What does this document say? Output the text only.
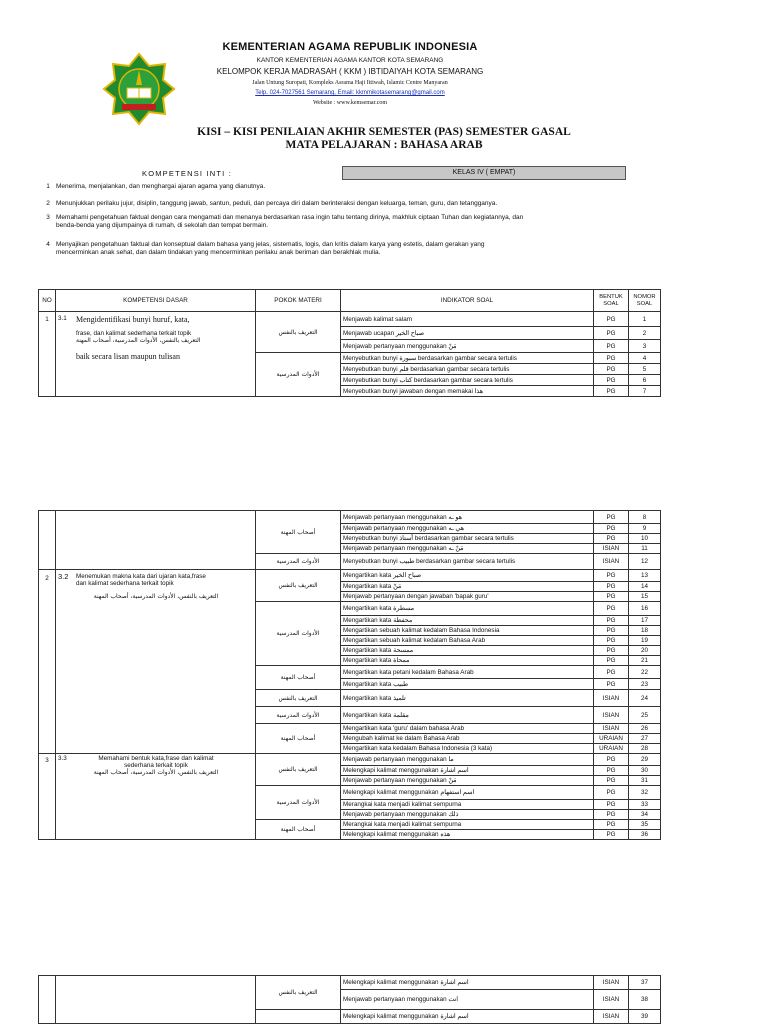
KEMENTERIAN AGAMA REPUBLIK INDONESIA
KANTOR KEMENTERIAN AGAMA KANTOR KOTA SEMARANG
KELOMPOK KERJA MADRASAH ( KKM ) IBTIDAIYAH KOTA SEMARANG
Jalan Untung Suropati, Kompleks Asrama Haji Ittiwah, Islamic Centre Manyaran
Telp. 024-7027561 Semarang, Email: kkmmikotasemarang@gmail.com
Website : www.kemsemar.com
KISI – KISI PENILAIAN AKHIR SEMESTER (PAS) SEMESTER GASAL
MATA PELAJARAN : BAHASA ARAB
KOMPETENSI INTI :	KELAS IV ( EMPAT)
1 Menerima, menjalankan, dan menghargai ajaran agama yang dianutnya.
2 Menunjukkan perilaku jujur, disiplin, tanggung jawab, santun, peduli, dan percaya diri dalam berinteraksi dengan keluarga, teman, guru, dan tetangganya.
3 Memahami pengetahuan faktual dengan cara mengamati dan menanya berdasarkan rasa ingin tahu tentang dirinya, makhluk ciptaan Tuhan dan kegiatannya, dan
benda-benda yang dijumpainya di rumah, di sekolah dan tempat bermain.
4 Menyajikan pengetahuan faktual dan konseptual dalam bahasa yang jelas, sistematis, logis, dan kritis dalam karya yang estetis, dalam gerakan yang
mencerminkan anak sehat, dan dalam tindakan yang mencerminkan perilaku anak beriman dan berakhlak mulia.
NO	KOMPETENSI DASAR	POKOK MATERI	INDIKATOR SOAL	BENTUK SOAL	NOMOR SOAL
1	3.1 Mengidentifikasi bunyi huruf, kata,
frase, dan kalimat sederhana terkait topik
التعريف بالنفس، الأدوات المدرسية، أصحاب المهنة
baik secara lisan maupun tulisan	التعريف بالنفس	Menjawab kalimat salam	PG	1
			Menjawab ucapan صباح الخير	PG	2
			Menjawab pertanyaan menggunakan مَنْ	PG	3
		الأدوات المدرسية	Menyebutkan bunyi سبورة berdasarkan gambar secara tertulis	PG	4
			Menyebutkan bunyi قلم berdasarkan gambar secara tertulis	PG	5
			Menyebutkan bunyi كتاب berdasarkan gambar secara tertulis	PG	6
			Menyebutkan bunyi jawaban dengan memakai هذا	PG	7
		أصحاب المهنة	Menjawab pertanyaan menggunakan هو ـه	PG	8
			Menjawab pertanyaan menggunakan هي ـه	PG	9
			Menyebutkan bunyi أستاذ berdasarkan gambar secara tertulis	PG	10
			Menjawab pertanyaan menggunakan مَنْ ـه	ISIAN	11
		الأدوات المدرسية	Menyebutkan bunyi طبيب berdasarkan gambar secara tertulis	ISIAN	12
2	3.2 Menemukan makna kata dari ujaran kata,frase
dan kalimat sederhana terkait topik
التعريف بالنفس، الأدوات المدرسية، أصحاب المهنة	التعريف بالنفس	Mengartikan kata صباح الخير	PG	13
			Mengartikan kata مَنْ	PG	14
			Menjawab pertanyaan dengan jawaban 'bapak guru'	PG	15
		الأدوات المدرسية	Mengartikan kata مسطرة	PG	16
			Mengartikan kata محفظة	PG	17
			Mengartikan sebuah kalimat kedalam Bahasa Indonesia	PG	18
			Mengartikan sebuah kalimat kedalam Bahasa Arab	PG	19
			Mengartikan kata ممسحة	PG	20
			Mengartikan kata ممحاة	PG	21
		أصحاب المهنة	Mengartikan kata petani kedalam Bahasa Arab	PG	22
			Mengartikan kata طبيب	PG	23
		التعريف بالنفس	Mengartikan kata تلميذ	ISIAN	24
		الأدوات المدرسية	Mengartikan kata مقلمة	ISIAN	25
		أصحاب المهنة	Mengartikan kata 'guru' dalam bahasa Arab	ISIAN	26
			Mengubah kalimat ke dalam Bahasa Arab	URAIAN	27
			Mengartikan kata kedalam Bahasa Indonesia (3 kata)	URAIAN	28
3	3.3 Memahami bentuk kata,frase dan kalimat
sederhana terkait topik
التعريف بالنفس، الأدوات المدرسية، أصحاب المهنة	التعريف بالنفس	Menjawab pertanyaan menggunakan ما	PG	29
			Melengkapi kalimat menggunakan اسم اشارة	PG	30
			Menjawab pertanyaan menggunakan مَنْ	PG	31
		الأدوات المدرسية	Melengkapi kalimat menggunakan اسم استفهام	PG	32
			Merangkai kata menjadi kalimat sempurna	PG	33
			Menjawab pertanyaan menggunakan ذلك	PG	34
		أصحاب المهنة	Merangkai kata menjadi kalimat sempurna	PG	35
			Melengkapi kalimat menggunakan هذه	PG	36
		التعريف بالنفس	Melengkapi kalimat menggunakan اسم اشارة	ISIAN	37
			Menjawab pertanyaan menggunakan انت	ISIAN	38
			Melengkapi kalimat menggunakan اسم اشارة	ISIAN	39
